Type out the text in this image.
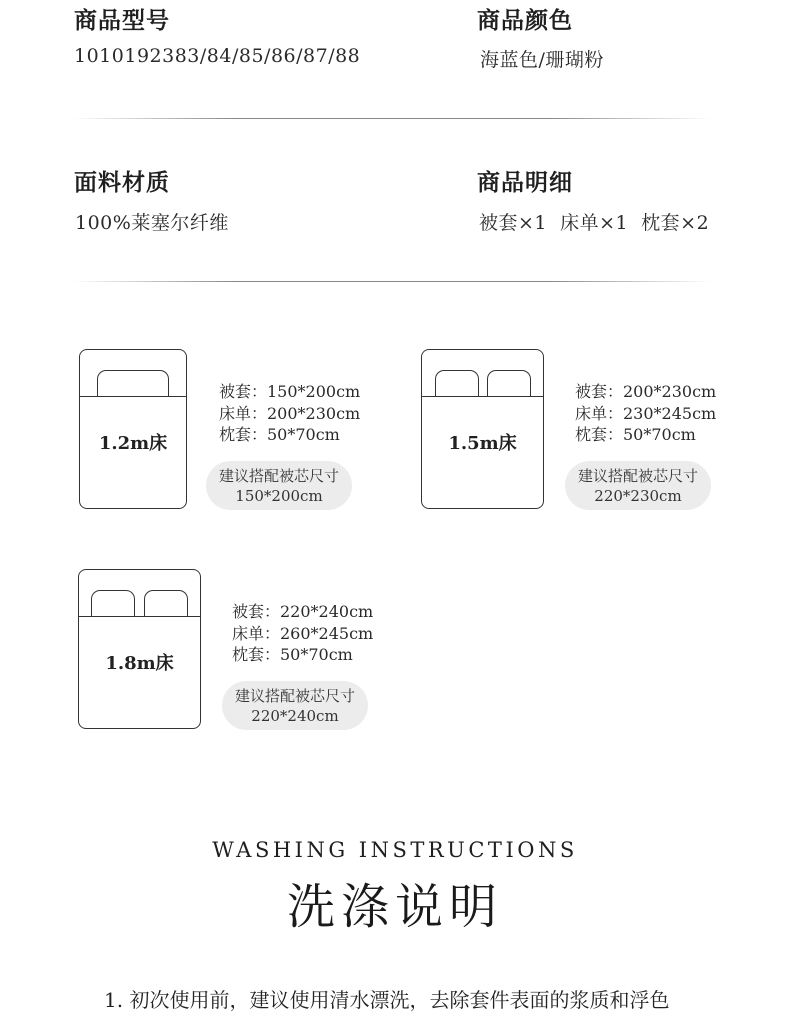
商品型号
1010192383/84/85/86/87/88
商品颜色
海蓝色/珊瑚粉
面料材质
100%莱塞尔纤维
商品明细
被套×1  床单×1  枕套×2
1.2m床
被套：150*200cm
床单：200*230cm
枕套：50*70cm
建议搭配被芯尺寸
150*200cm
1.5m床
被套：200*230cm
床单：230*245cm
枕套：50*70cm
建议搭配被芯尺寸
220*230cm
1.8m床
被套：220*240cm
床单：260*245cm
枕套：50*70cm
建议搭配被芯尺寸
220*240cm
WASHING INSTRUCTIONS
洗涤说明
1. 初次使用前，建议使用清水漂洗，去除套件表面的浆质和浮色
